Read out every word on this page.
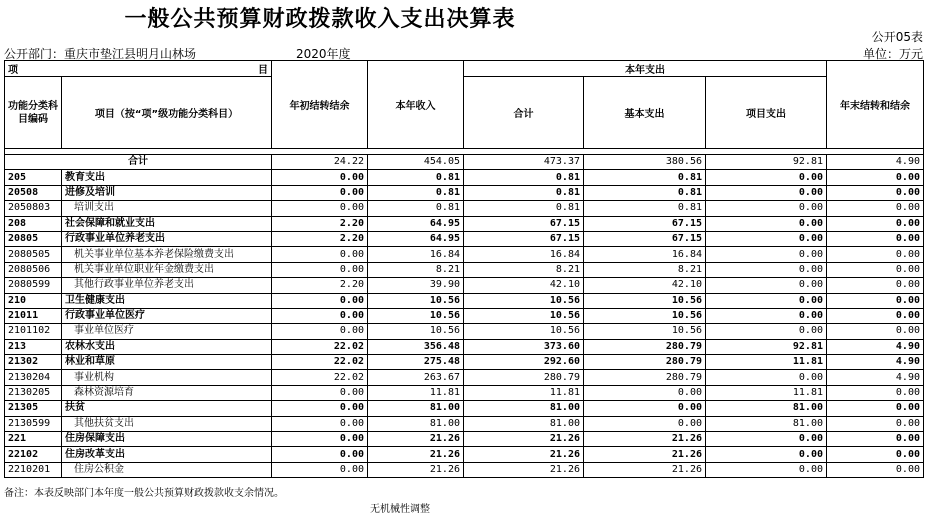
一般公共预算财政拨款收入支出决算表
公开05表
公开部门：重庆市垫江县明月山林场	2020年度	单位：万元
项 目		年初结转结余	本年收入	本年支出			年末结转和结余
功能分类科目编码	项目（按“项”级功能分类科目）			合计	基本支出	项目支出	

合计		24.22	454.05	473.37	380.56	92.81	4.90
205	教育支出	0.00	0.81	0.81	0.81	0.00	0.00
20508	进修及培训	0.00	0.81	0.81	0.81	0.00	0.00
2050803	培训支出	0.00	0.81	0.81	0.81	0.00	0.00
208	社会保障和就业支出	2.20	64.95	67.15	67.15	0.00	0.00
20805	行政事业单位养老支出	2.20	64.95	67.15	67.15	0.00	0.00
2080505	机关事业单位基本养老保险缴费支出	0.00	16.84	16.84	16.84	0.00	0.00
2080506	机关事业单位职业年金缴费支出	0.00	8.21	8.21	8.21	0.00	0.00
2080599	其他行政事业单位养老支出	2.20	39.90	42.10	42.10	0.00	0.00
210	卫生健康支出	0.00	10.56	10.56	10.56	0.00	0.00
21011	行政事业单位医疗	0.00	10.56	10.56	10.56	0.00	0.00
2101102	事业单位医疗	0.00	10.56	10.56	10.56	0.00	0.00
213	农林水支出	22.02	356.48	373.60	280.79	92.81	4.90
21302	林业和草原	22.02	275.48	292.60	280.79	11.81	4.90
2130204	事业机构	22.02	263.67	280.79	280.79	0.00	4.90
2130205	森林资源培育	0.00	11.81	11.81	0.00	11.81	0.00
21305	扶贫	0.00	81.00	81.00	0.00	81.00	0.00
2130599	其他扶贫支出	0.00	81.00	81.00	0.00	81.00	0.00
221	住房保障支出	0.00	21.26	21.26	21.26	0.00	0.00
22102	住房改革支出	0.00	21.26	21.26	21.26	0.00	0.00
2210201	住房公积金	0.00	21.26	21.26	21.26	0.00	0.00
备注：本表反映部门本年度一般公共预算财政拨款收支余情况。
无机械性调整
